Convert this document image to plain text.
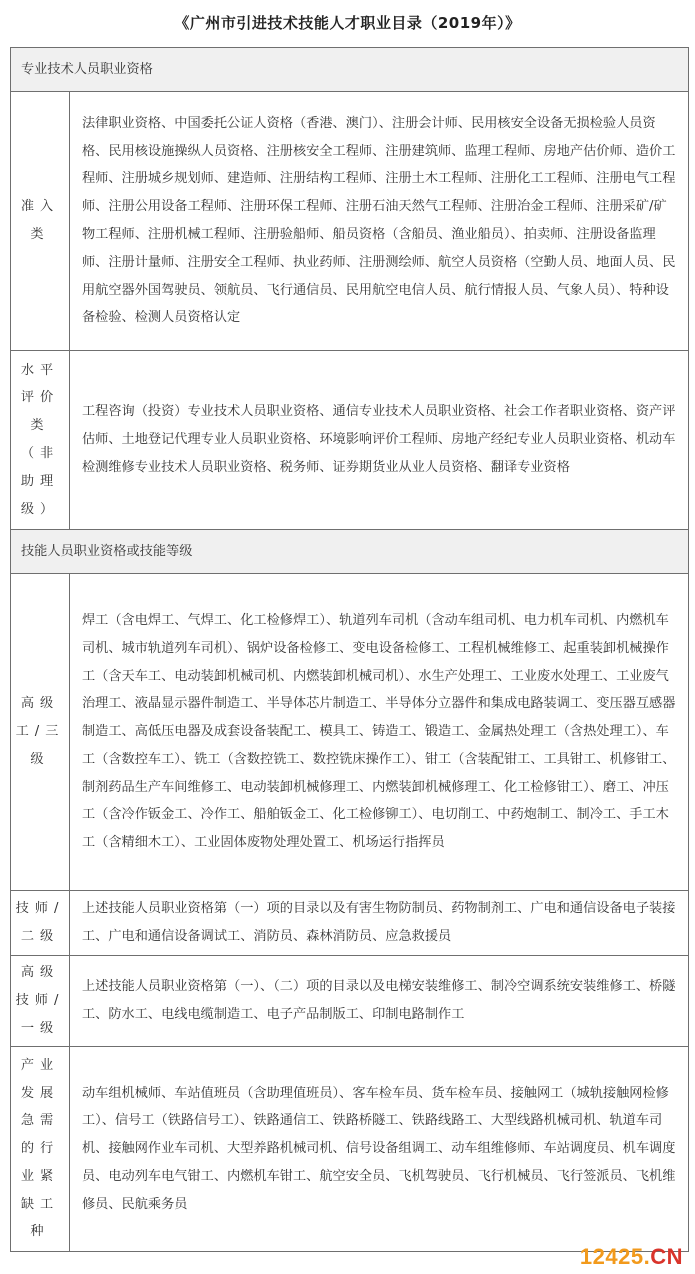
《广州市引进技术技能人才职业目录（2019年）》
专业技术人员职业资格	
准入类	法律职业资格、中国委托公证人资格（香港、澳门）、注册会计师、民用核安全设备无损检验人员资格、民用核设施操纵人员资格、注册核安全工程师、注册建筑师、监理工程师、房地产估价师、造价工程师、注册城乡规划师、建造师、注册结构工程师、注册土木工程师、注册化工工程师、注册电气工程师、注册公用设备工程师、注册环保工程师、注册石油天然气工程师、注册冶金工程师、注册采矿/矿物工程师、注册机械工程师、注册验船师、船员资格（含船员、渔业船员）、拍卖师、注册设备监理师、注册计量师、注册安全工程师、执业药师、注册测绘师、航空人员资格（空勤人员、地面人员、民用航空器外国驾驶员、领航员、飞行通信员、民用航空电信人员、航行情报人员、气象人员）、特种设备检验、检测人员资格认定
水平评价类（非助理级）	工程咨询（投资）专业技术人员职业资格、通信专业技术人员职业资格、社会工作者职业资格、资产评估师、土地登记代理专业人员职业资格、环境影响评价工程师、房地产经纪专业人员职业资格、机动车检测维修专业技术人员职业资格、税务师、证券期货业从业人员资格、翻译专业资格
技能人员职业资格或技能等级	
高级工/三级	焊工（含电焊工、气焊工、化工检修焊工）、轨道列车司机（含动车组司机、电力机车司机、内燃机车司机、城市轨道列车司机）、锅炉设备检修工、变电设备检修工、工程机械维修工、起重装卸机械操作工（含天车工、电动装卸机械司机、内燃装卸机械司机）、水生产处理工、工业废水处理工、工业废气治理工、液晶显示器件制造工、半导体芯片制造工、半导体分立器件和集成电路装调工、变压器互感器制造工、高低压电器及成套设备装配工、模具工、铸造工、锻造工、金属热处理工（含热处理工）、车工（含数控车工）、铣工（含数控铣工、数控铣床操作工）、钳工（含装配钳工、工具钳工、机修钳工、制剂药品生产车间维修工、电动装卸机械修理工、内燃装卸机械修理工、化工检修钳工）、磨工、冲压工（含冷作钣金工、冷作工、船舶钣金工、化工检修铆工）、电切削工、中药炮制工、制冷工、手工木工（含精细木工）、工业固体废物处理处置工、机场运行指挥员
技师/二级	上述技能人员职业资格第（一）项的目录以及有害生物防制员、药物制剂工、广电和通信设备电子装接工、广电和通信设备调试工、消防员、森林消防员、应急救援员
高级技师/一级	上述技能人员职业资格第（一）、（二）项的目录以及电梯安装维修工、制冷空调系统安装维修工、桥隧工、防水工、电线电缆制造工、电子产品制版工、印制电路制作工
产业发展急需的行业紧缺工种	动车组机械师、车站值班员（含助理值班员）、客车检车员、货车检车员、接触网工（城轨接触网检修工）、信号工（铁路信号工）、铁路通信工、铁路桥隧工、铁路线路工、大型线路机械司机、轨道车司机、接触网作业车司机、大型养路机械司机、信号设备组调工、动车组维修师、车站调度员、机车调度员、电动列车电气钳工、内燃机车钳工、航空安全员、飞机驾驶员、飞行机械员、飞行签派员、飞机维修员、民航乘务员
12425.CN
